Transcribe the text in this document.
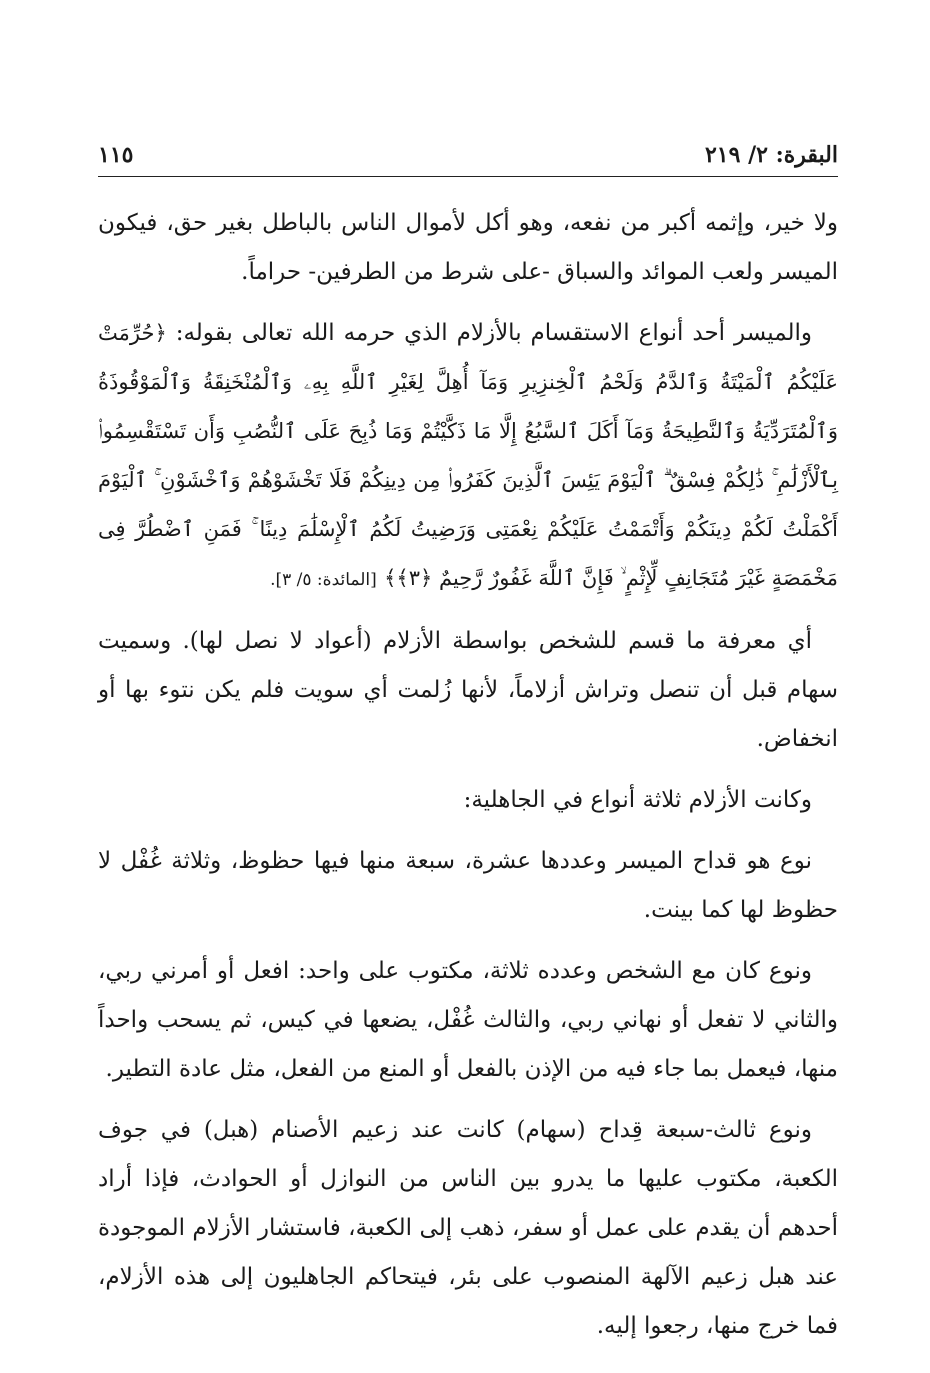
البقرة: ٢/ ٢١٩
١١٥

ولا خير، وإثمه أكبر من نفعه، وهو أكل لأموال الناس بالباطل بغير حق، فيكون الميسر ولعب الموائد والسباق -على شرط من الطرفين- حراماً.

والميسر أحد أنواع الاستقسام بالأزلام الذي حرمه الله تعالى بقوله: ﴿حُرِّمَتْ عَلَيْكُمُ ٱلْمَيْتَةُ وَٱلدَّمُ وَلَحْمُ ٱلْخِنزِيرِ وَمَآ أُهِلَّ لِغَيْرِ ٱللَّهِ بِهِۦ وَٱلْمُنْخَنِقَةُ وَٱلْمَوْقُوذَةُ وَٱلْمُتَرَدِّيَةُ وَٱلنَّطِيحَةُ وَمَآ أَكَلَ ٱلسَّبُعُ إِلَّا مَا ذَكَّيْتُمْ وَمَا ذُبِحَ عَلَى ٱلنُّصُبِ وَأَن تَسْتَقْسِمُوا۟ بِٱلْأَزْلَٰمِ ۚ ذَٰلِكُمْ فِسْقٌ ۗ ٱلْيَوْمَ يَئِسَ ٱلَّذِينَ كَفَرُوا۟ مِن دِينِكُمْ فَلَا تَخْشَوْهُمْ وَٱخْشَوْنِ ۚ ٱلْيَوْمَ أَكْمَلْتُ لَكُمْ دِينَكُمْ وَأَتْمَمْتُ عَلَيْكُمْ نِعْمَتِى وَرَضِيتُ لَكُمُ ٱلْإِسْلَٰمَ دِينًا ۚ فَمَنِ ٱضْطُرَّ فِى مَخْمَصَةٍ غَيْرَ مُتَجَانِفٍ لِّإِثْمٍ ۙ فَإِنَّ ٱللَّهَ غَفُورٌ رَّحِيمٌ ﴿٣﴾﴾ [المائدة: ٥/ ٣].

أي معرفة ما قسم للشخص بواسطة الأزلام (أعواد لا نصل لها). وسميت سهام قبل أن تنصل وتراش أزلاماً، لأنها زُلمت أي سويت فلم يكن نتوء بها أو انخفاض.

وكانت الأزلام ثلاثة أنواع في الجاهلية:

نوع هو قداح الميسر وعددها عشرة، سبعة منها فيها حظوظ، وثلاثة غُفْل لا حظوظ لها كما بينت.

ونوع كان مع الشخص وعدده ثلاثة، مكتوب على واحد: افعل أو أمرني ربي، والثاني لا تفعل أو نهاني ربي، والثالث غُفْل، يضعها في كيس، ثم يسحب واحداً منها، فيعمل بما جاء فيه من الإذن بالفعل أو المنع من الفعل، مثل عادة التطير.

ونوع ثالث-سبعة قِداح (سهام) كانت عند زعيم الأصنام (هبل) في جوف الكعبة، مكتوب عليها ما يدرو بين الناس من النوازل أو الحوادث، فإذا أراد أحدهم أن يقدم على عمل أو سفر، ذهب إلى الكعبة، فاستشار الأزلام الموجودة عند هبل زعيم الآلهة المنصوب على بئر، فيتحاكم الجاهليون إلى هذه الأزلام، فما خرج منها، رجعوا إليه.
